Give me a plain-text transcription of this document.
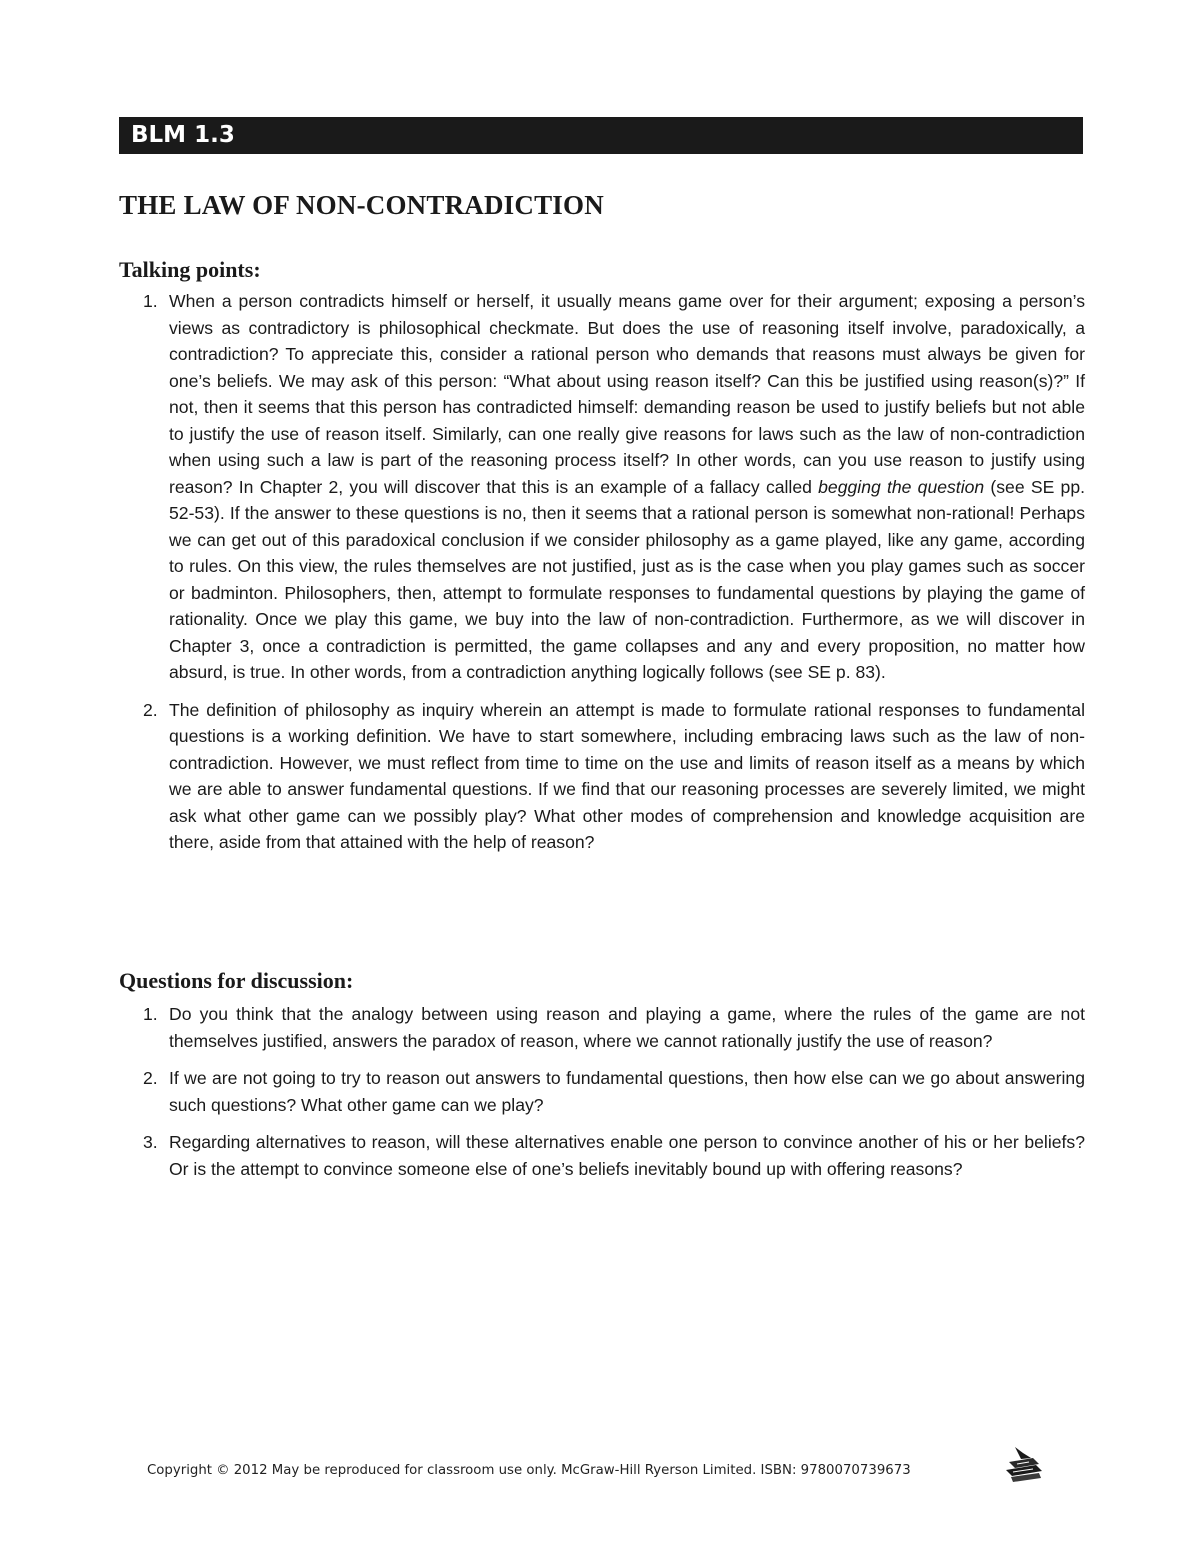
BLM 1.3
THE LAW OF NON-CONTRADICTION
Talking points:
1. When a person contradicts himself or herself, it usually means game over for their argument; exposing a person’s views as contradictory is philosophical checkmate. But does the use of reasoning itself involve, paradoxically, a contradiction? To appreciate this, consider a rational person who demands that reasons must always be given for one’s beliefs. We may ask of this person: “What about using reason itself? Can this be justified using reason(s)?” If not, then it seems that this person has contradicted himself: demanding reason be used to justify beliefs but not able to justify the use of reason itself. Similarly, can one really give reasons for laws such as the law of non-contradiction when using such a law is part of the reasoning process itself? In other words, can you use reason to justify using reason? In Chapter 2, you will discover that this is an example of a fallacy called begging the question (see SE pp. 52-53). If the answer to these questions is no, then it seems that a rational person is somewhat non-rational! Perhaps we can get out of this paradoxical conclusion if we consider philosophy as a game played, like any game, according to rules. On this view, the rules themselves are not justified, just as is the case when you play games such as soccer or badminton. Philosophers, then, attempt to formulate responses to fundamental questions by playing the game of rationality. Once we play this game, we buy into the law of non-contradiction. Furthermore, as we will discover in Chapter 3, once a contradiction is permitted, the game collapses and any and every proposition, no matter how absurd, is true. In other words, from a contradiction anything logically follows (see SE p. 83).
2. The definition of philosophy as inquiry wherein an attempt is made to formulate rational responses to fundamental questions is a working definition. We have to start somewhere, including embracing laws such as the law of non-contradiction. However, we must reflect from time to time on the use and limits of reason itself as a means by which we are able to answer fundamental questions. If we find that our reasoning processes are severely limited, we might ask what other game can we possibly play? What other modes of comprehension and knowledge acquisition are there, aside from that attained with the help of reason?
Questions for discussion:
1. Do you think that the analogy between using reason and playing a game, where the rules of the game are not themselves justified, answers the paradox of reason, where we cannot rationally justify the use of reason?
2. If we are not going to try to reason out answers to fundamental questions, then how else can we go about answering such questions? What other game can we play?
3. Regarding alternatives to reason, will these alternatives enable one person to convince another of his or her beliefs? Or is the attempt to convince someone else of one’s beliefs inevitably bound up with offering reasons?
Copyright © 2012 May be reproduced for classroom use only. McGraw-Hill Ryerson Limited. ISBN: 9780070739673
